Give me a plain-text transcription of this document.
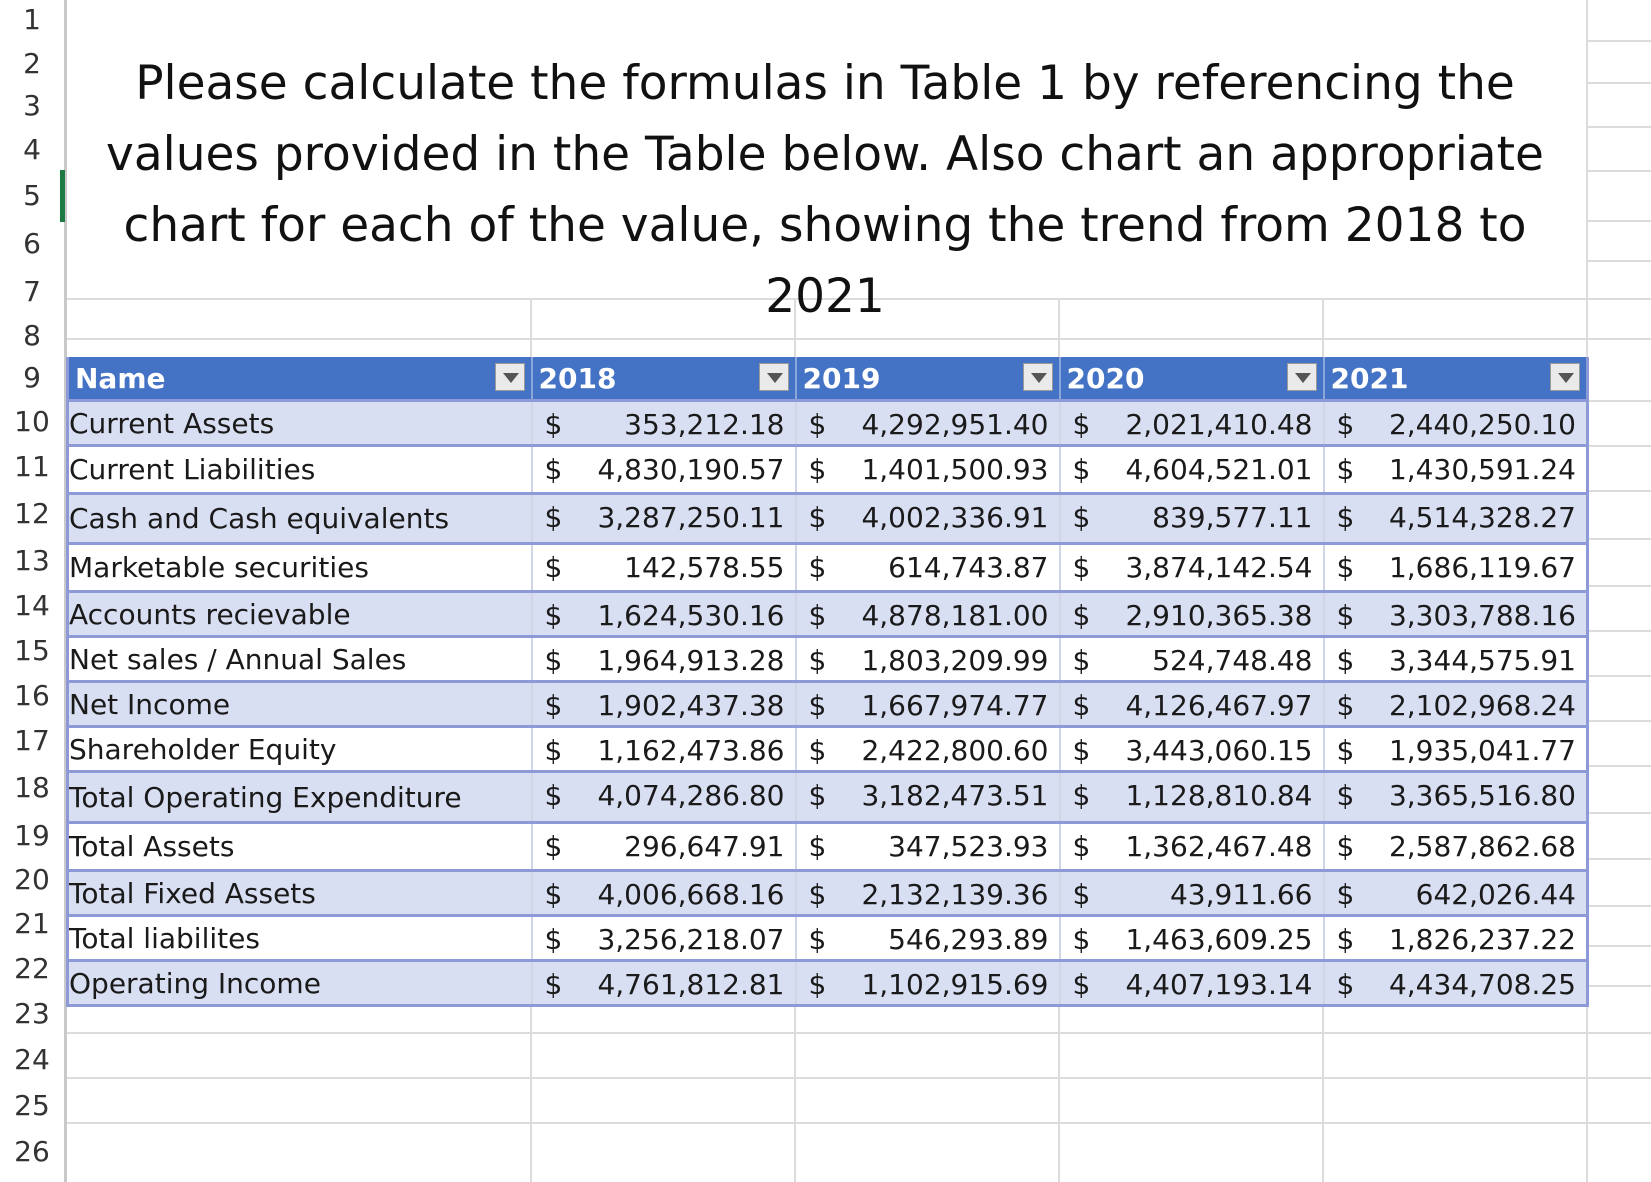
1
2
3
4
5
6
7
8
9
10
11
12
13
14
15
16
17
18
19
20
21
22
23
24
25
26
Please calculate the formulas in Table 1 by referencing the values provided in the Table below. Also chart an appropriate chart for each of the value, showing the trend from 2018 to 2021
Name	2018	2019	2020	2021

Current Assets	$ 353,212.18	$ 4,292,951.40	$ 2,021,410.48	$ 2,440,250.10

Current Liabilities	$ 4,830,190.57	$ 1,401,500.93	$ 4,604,521.01	$ 1,430,591.24

Cash and Cash equivalents	$ 3,287,250.11	$ 4,002,336.91	$ 839,577.11	$ 4,514,328.27

Marketable securities	$ 142,578.55	$ 614,743.87	$ 3,874,142.54	$ 1,686,119.67

Accounts recievable	$ 1,624,530.16	$ 4,878,181.00	$ 2,910,365.38	$ 3,303,788.16

Net sales / Annual Sales	$ 1,964,913.28	$ 1,803,209.99	$ 524,748.48	$ 3,344,575.91

Net Income	$ 1,902,437.38	$ 1,667,974.77	$ 4,126,467.97	$ 2,102,968.24

Shareholder Equity	$ 1,162,473.86	$ 2,422,800.60	$ 3,443,060.15	$ 1,935,041.77

Total Operating Expenditure	$ 4,074,286.80	$ 3,182,473.51	$ 1,128,810.84	$ 3,365,516.80

Total Assets	$ 296,647.91	$ 347,523.93	$ 1,362,467.48	$ 2,587,862.68

Total Fixed Assets	$ 4,006,668.16	$ 2,132,139.36	$ 43,911.66	$ 642,026.44

Total liabilites	$ 3,256,218.07	$ 546,293.89	$ 1,463,609.25	$ 1,826,237.22

Operating Income	$ 4,761,812.81	$ 1,102,915.69	$ 4,407,193.14	$ 4,434,708.25
